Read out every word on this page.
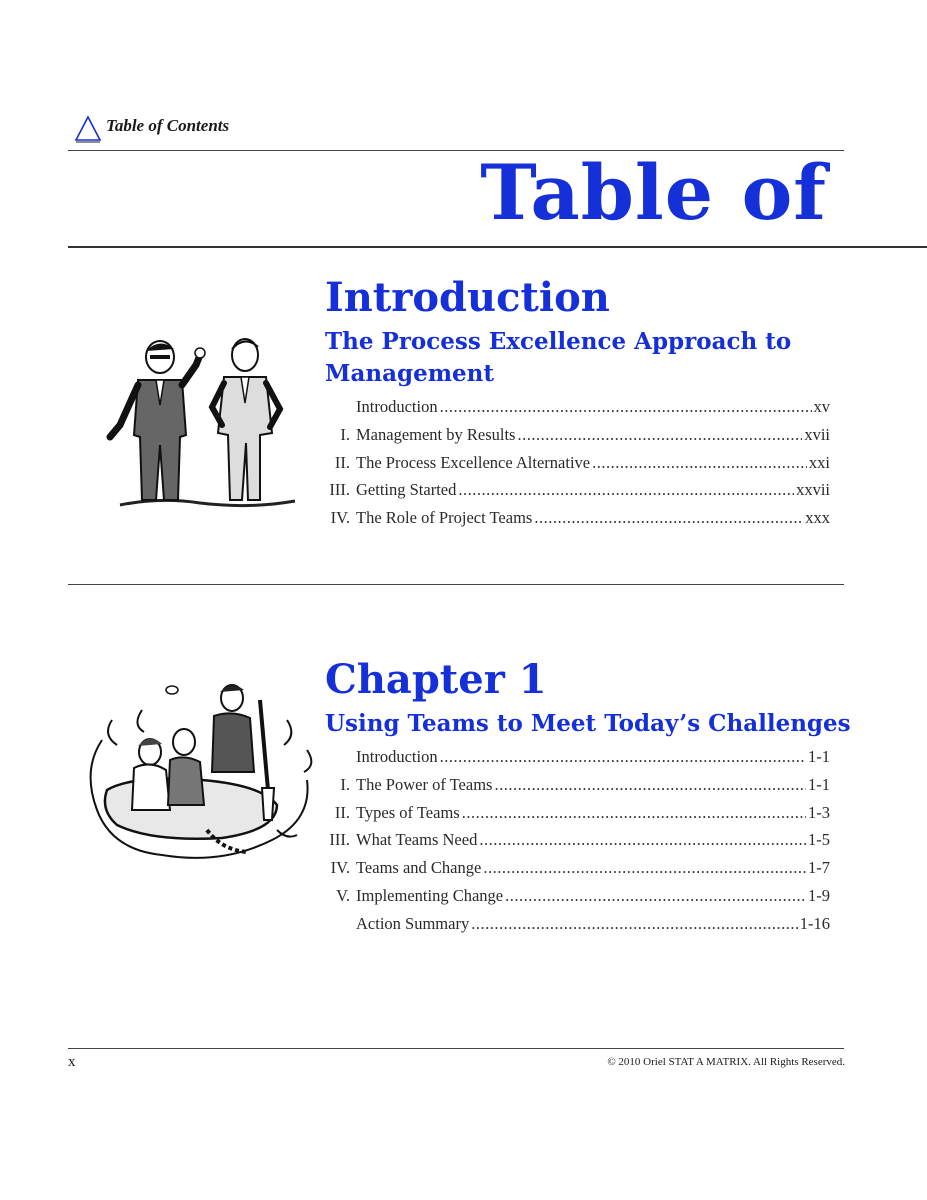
Table of Contents
Table of
Introduction
The Process Excellence Approach to Management
Introduction .....	xv
I. Management by Results .....	xvii
II. The Process Excellence Alternative .....	xxi
III. Getting Started .....	xxvii
IV. The Role of Project Teams .....	xxx
Chapter 1
Using Teams to Meet Today’s Challenges
Introduction .....	1-1
I. The Power of Teams .....	1-1
II. Types of Teams .....	1-3
III. What Teams Need .....	1-5
IV. Teams and Change .....	1-7
V. Implementing Change .....	1-9
Action Summary .....	1-16
x	© 2010 Oriel STAT A MATRIX. All Rights Reserved.
